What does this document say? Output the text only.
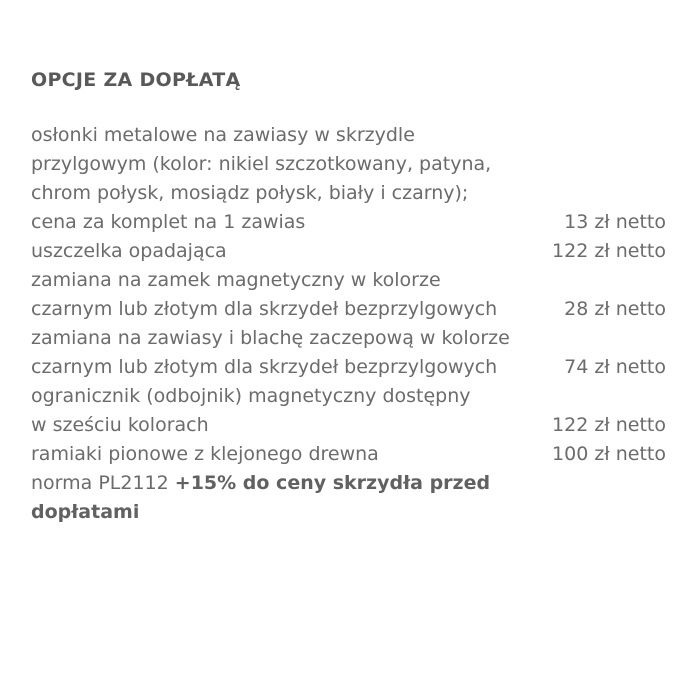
OPCJE ZA DOPŁATĄ
osłonki metalowe na zawiasy w skrzydle
przylgowym (kolor: nikiel szczotkowany, patyna,
chrom połysk, mosiądz połysk, biały i czarny);
cena za komplet na 1 zawias	13 zł netto
uszczelka opadająca	122 zł netto
zamiana na zamek magnetyczny w kolorze
czarnym lub złotym dla skrzydeł bezprzylgowych	28 zł netto
zamiana na zawiasy i blachę zaczepową w kolorze
czarnym lub złotym dla skrzydeł bezprzylgowych	74 zł netto
ogranicznik (odbojnik) magnetyczny dostępny
w sześciu kolorach	122 zł netto
ramiaki pionowe z klejonego drewna	100 zł netto
norma PL2112 +15% do ceny skrzydła przed
dopłatami
